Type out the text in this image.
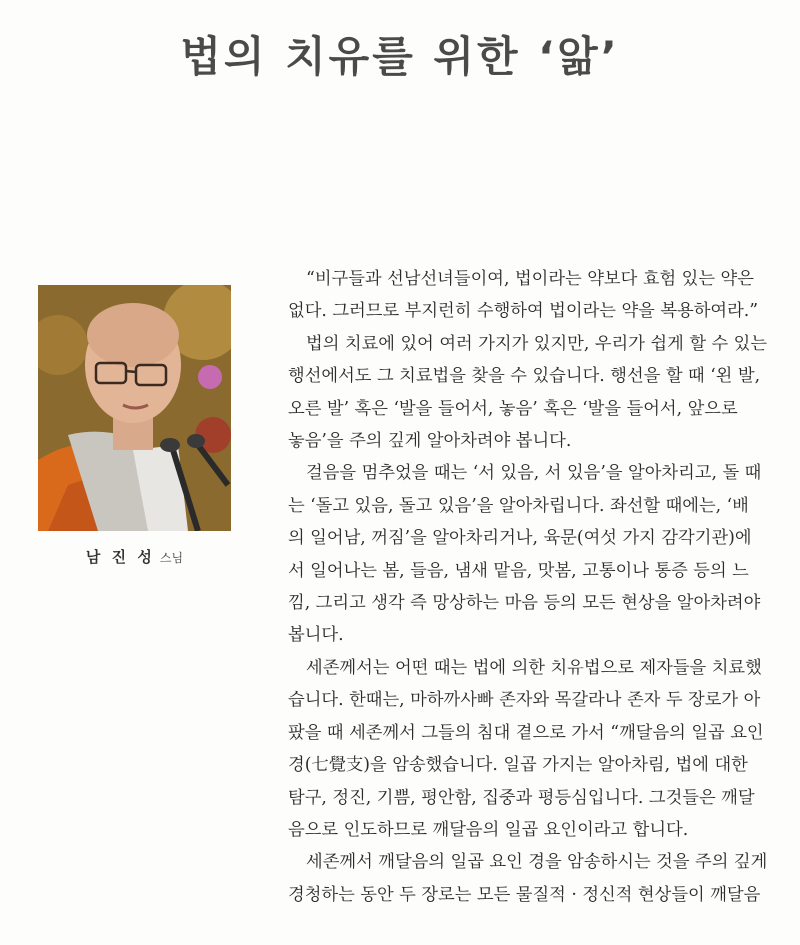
법의 치유를 위한 ‘앎’
남 진 성 스님
“비구들과 선남선녀들이여, 법이라는 약보다 효험 있는 약은
없다. 그러므로 부지런히 수행하여 법이라는 약을 복용하여라.”
법의 치료에 있어 여러 가지가 있지만, 우리가 쉽게 할 수 있는
행선에서도 그 치료법을 찾을 수 있습니다. 행선을 할 때 ‘왼 발,
오른 발’ 혹은 ‘발을 들어서, 놓음’ 혹은 ‘발을 들어서, 앞으로
놓음’을 주의 깊게 알아차려야 봅니다.
걸음을 멈추었을 때는 ‘서 있음, 서 있음’을 알아차리고, 돌 때
는 ‘돌고 있음, 돌고 있음’을 알아차립니다. 좌선할 때에는, ‘배
의 일어남, 꺼짐’을 알아차리거나, 육문(여섯 가지 감각기관)에
서 일어나는 봄, 들음, 냄새 맡음, 맛봄, 고통이나 통증 등의 느
낌, 그리고 생각 즉 망상하는 마음 등의 모든 현상을 알아차려야
봅니다.
세존께서는 어떤 때는 법에 의한 치유법으로 제자들을 치료했
습니다. 한때는, 마하까사빠 존자와 목갈라나 존자 두 장로가 아
팠을 때 세존께서 그들의 침대 곁으로 가서 “깨달음의 일곱 요인
경(七覺支)을 암송했습니다. 일곱 가지는 알아차림, 법에 대한
탐구, 정진, 기쁨, 평안함, 집중과 평등심입니다. 그것들은 깨달
음으로 인도하므로 깨달음의 일곱 요인이라고 합니다.
세존께서 깨달음의 일곱 요인 경을 암송하시는 것을 주의 깊게
경청하는 동안 두 장로는 모든 물질적 · 정신적 현상들이 깨달음
